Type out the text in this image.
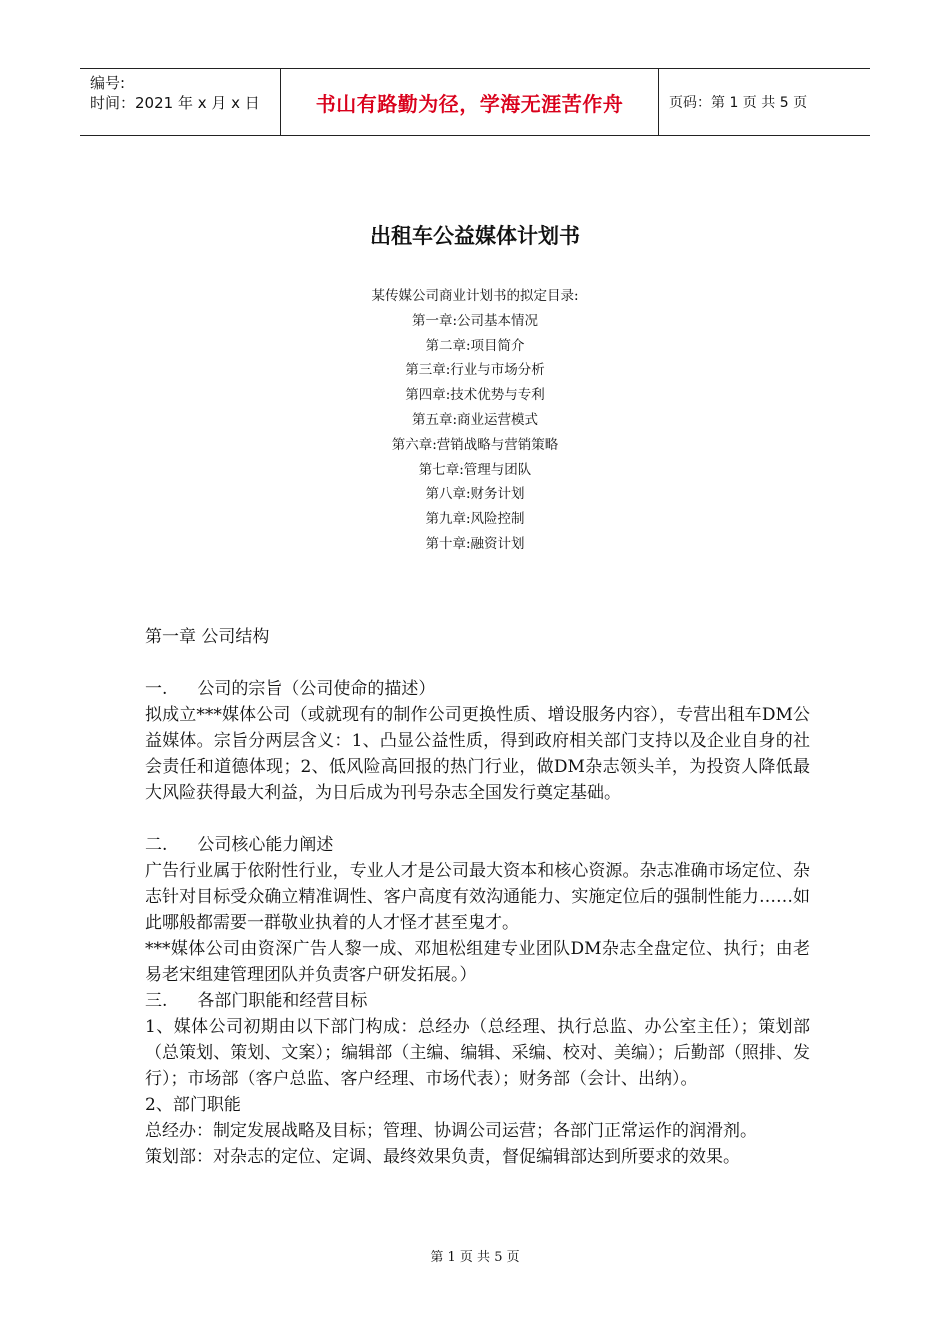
编号:
时间：2021 年 x 月 x 日	书山有路勤为径，学海无涯苦作舟	页码：第 1 页 共 5 页
出租车公益媒体计划书
某传媒公司商业计划书的拟定目录:
第一章:公司基本情况
第二章:项目简介
第三章:行业与市场分析
第四章:技术优势与专利
第五章:商业运营模式
第六章:营销战略与营销策略
第七章:管理与团队
第八章:财务计划
第九章:风险控制
第十章:融资计划

第一章 公司结构

一. 公司的宗旨（公司使命的描述）

拟成立***媒体公司（或就现有的制作公司更换性质、增设服务内容），专营出租车DM公益媒体。宗旨分两层含义：1、凸显公益性质，得到政府相关部门支持以及企业自身的社会责任和道德体现；2、低风险高回报的热门行业，做DM杂志领头羊，为投资人降低最大风险获得最大利益，为日后成为刊号杂志全国发行奠定基础。

二. 公司核心能力阐述

广告行业属于依附性行业，专业人才是公司最大资本和核心资源。杂志准确市场定位、杂志针对目标受众确立精准调性、客户高度有效沟通能力、实施定位后的强制性能力……如此哪般都需要一群敬业执着的人才怪才甚至鬼才。

***媒体公司由资深广告人黎一成、邓旭松组建专业团队DM杂志全盘定位、执行；由老易老宋组建管理团队并负责客户研发拓展。）

三. 各部门职能和经营目标

1、媒体公司初期由以下部门构成：总经办（总经理、执行总监、办公室主任）；策划部（总策划、策划、文案）；编辑部（主编、编辑、采编、校对、美编）；后勤部（照排、发行）；市场部（客户总监、客户经理、市场代表）；财务部（会计、出纳）。

2、部门职能

总经办：制定发展战略及目标；管理、协调公司运营；各部门正常运作的润滑剂。

策划部：对杂志的定位、定调、最终效果负责，督促编辑部达到所要求的效果。

第 1 页 共 5 页
